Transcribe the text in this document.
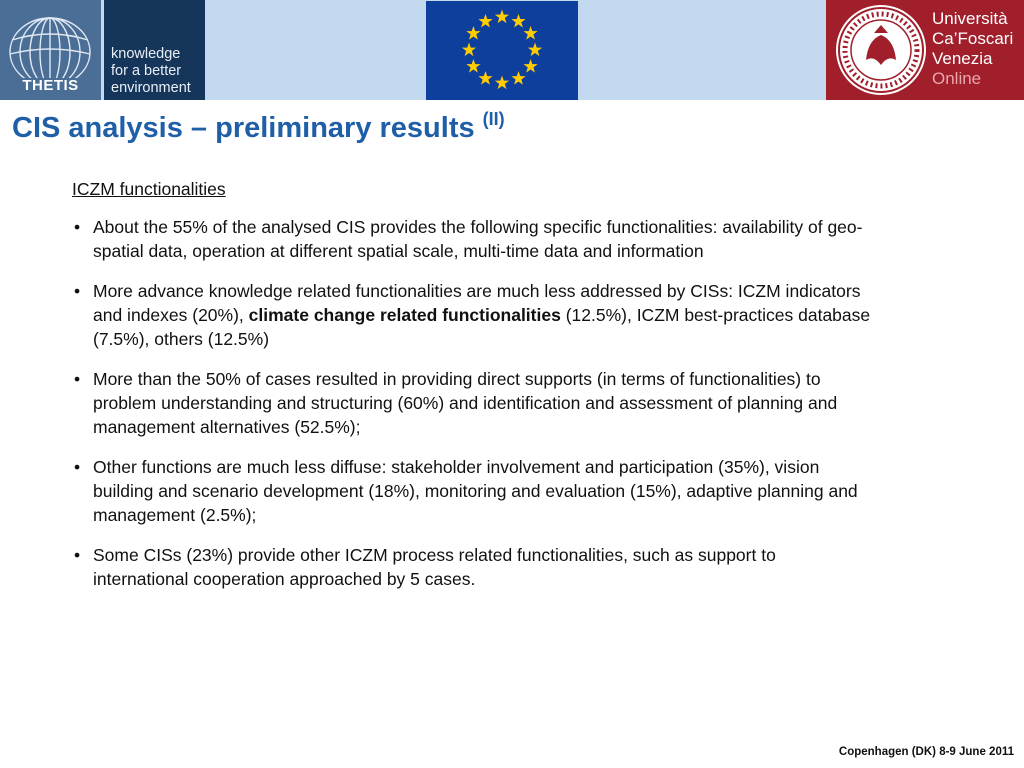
THETIS
knowledge
for a better
environment
Università
Ca’Foscari
Venezia
Online
CIS analysis – preliminary results $^{(II)}$

ICZM functionalities

• About the 55% of the analysed CIS provides the following specific functionalities: availability of geo-spatial data, operation at different spatial scale, multi-time data and information
• More advance knowledge related functionalities are much less addressed by CISs: ICZM indicators and indexes (20%), climate change related functionalities (12.5%), ICZM best-practices database (7.5%), others (12.5%)
• More than the 50% of cases resulted in providing direct supports (in terms of functionalities) to problem understanding and structuring (60%) and identification and assessment of planning and management alternatives (52.5%);
• Other functions are much less diffuse: stakeholder involvement and participation (35%), vision building and scenario development (18%), monitoring and evaluation (15%), adaptive planning and management (2.5%);
• Some CISs (23%) provide other ICZM process related functionalities, such as support to international cooperation approached by 5 cases.
Copenhagen (DK) 8-9 June 2011
